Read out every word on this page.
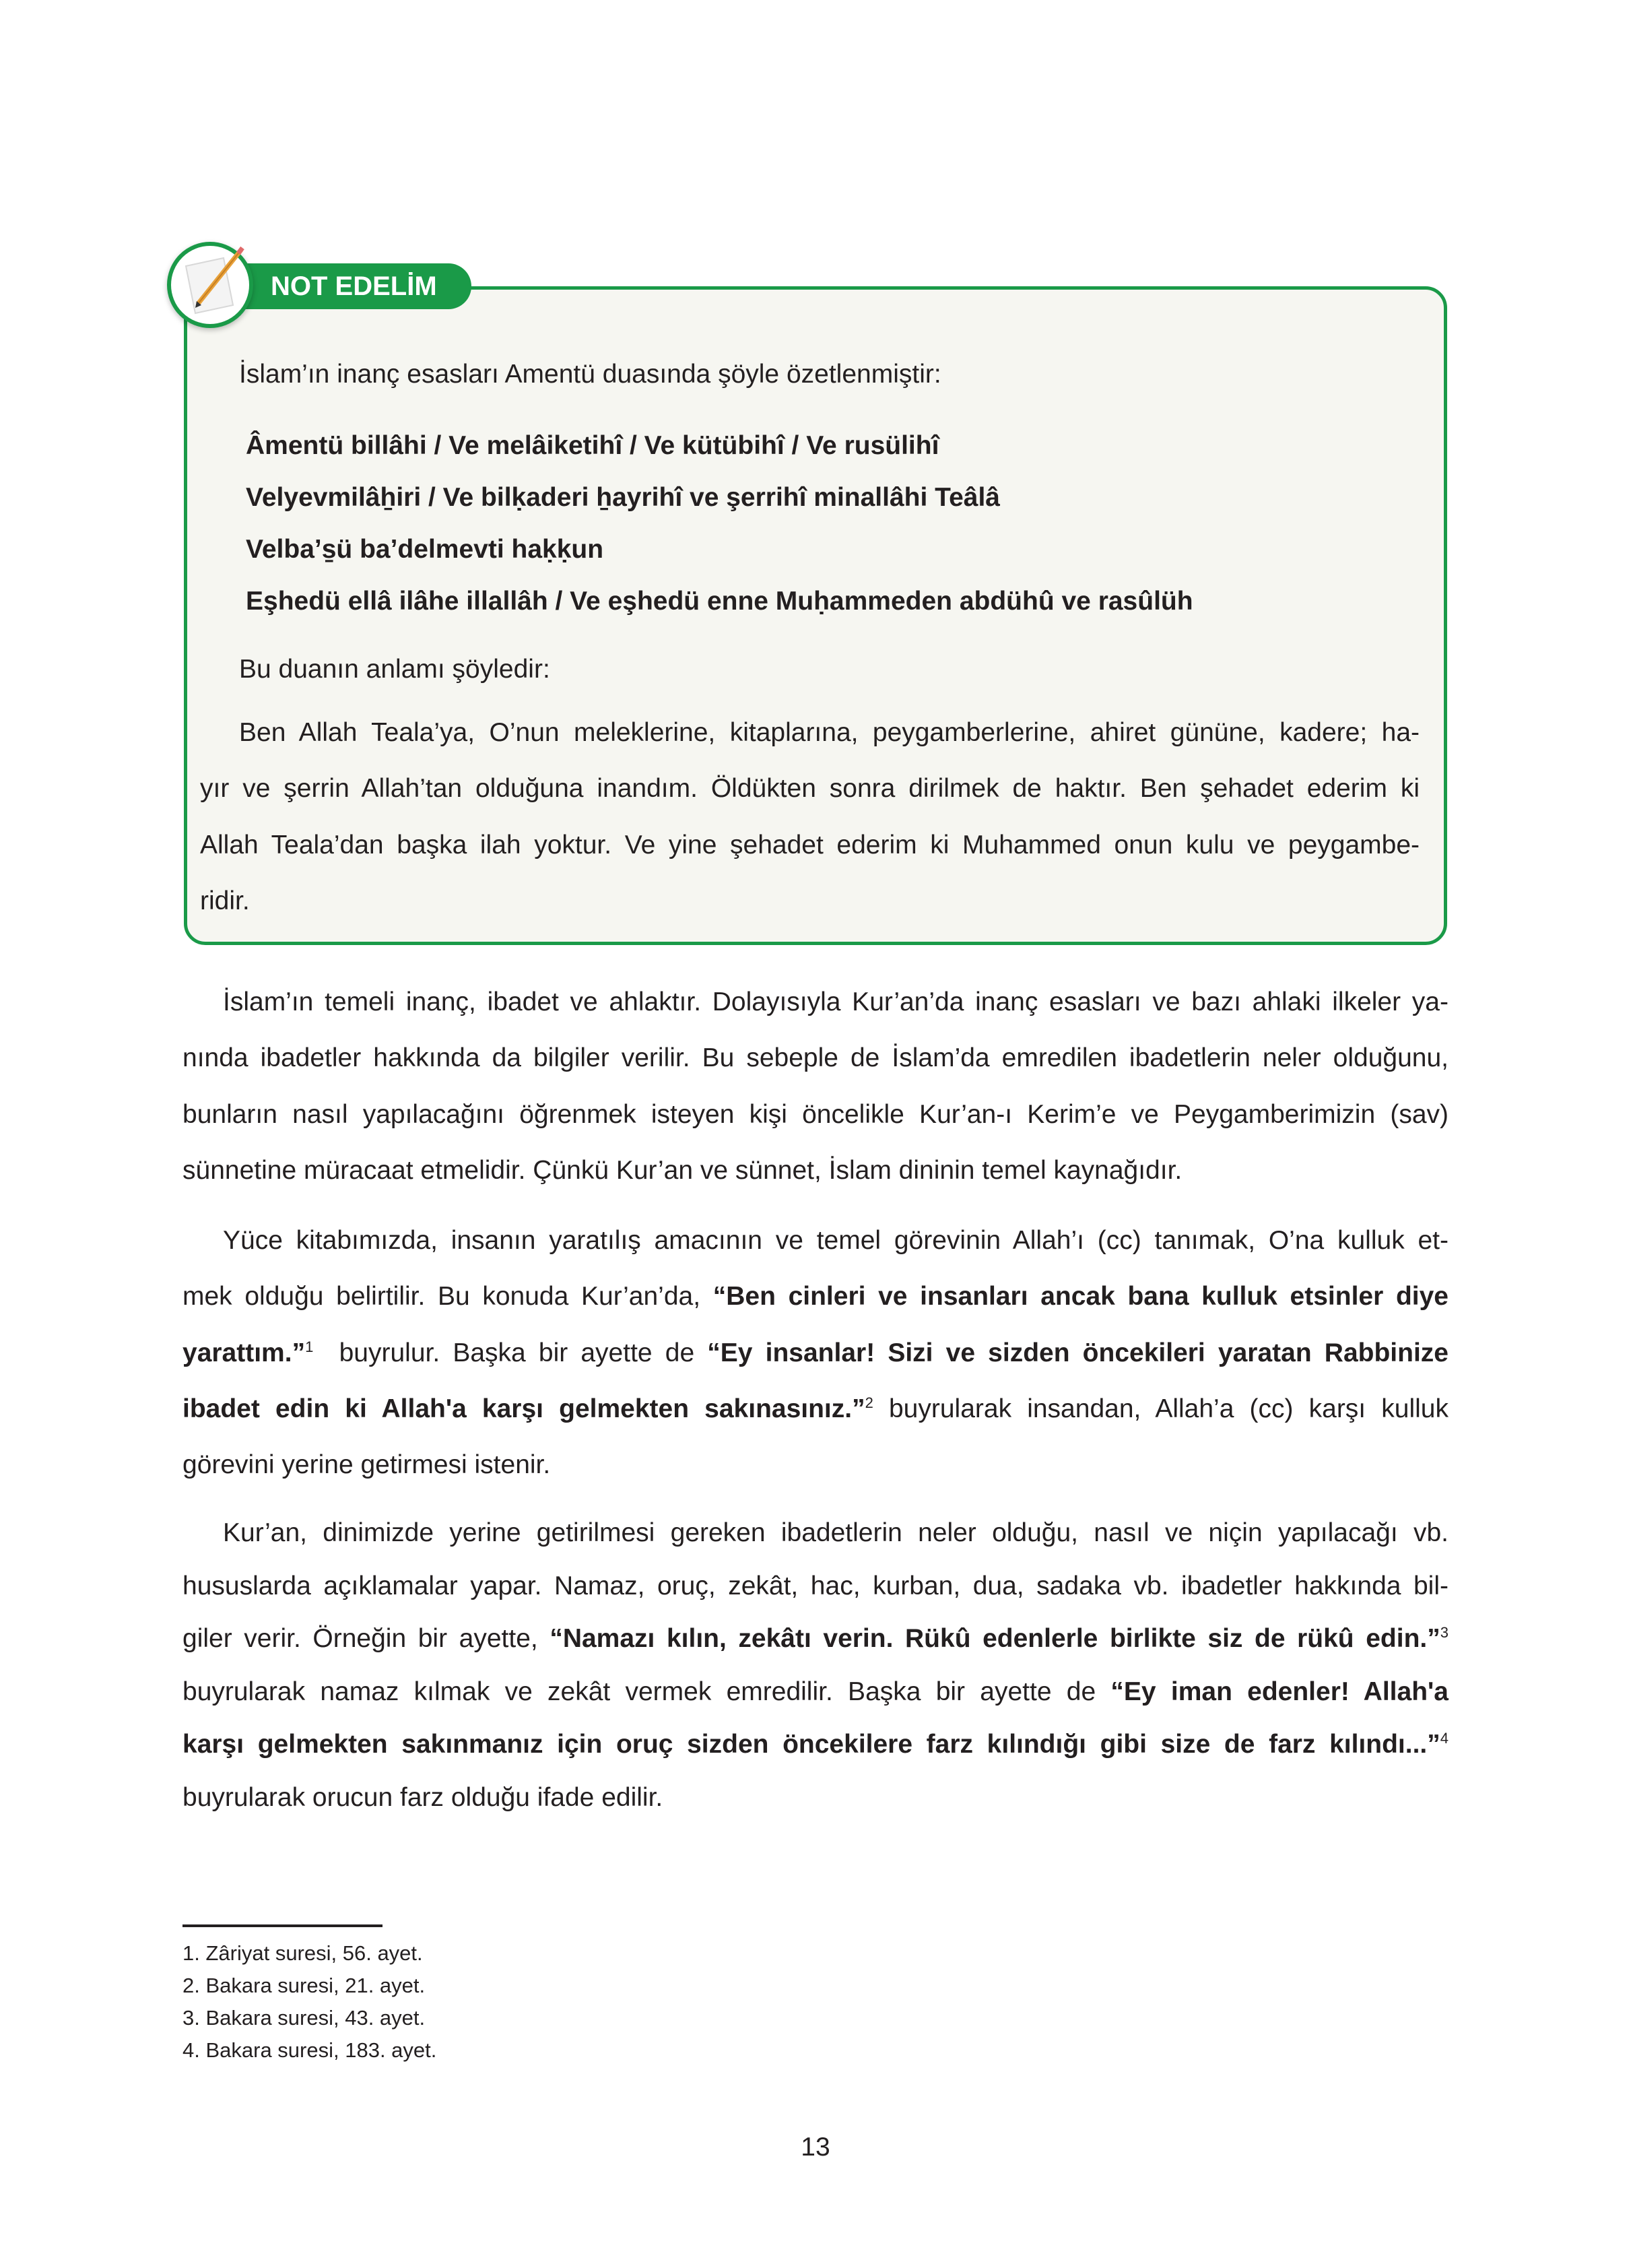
NOT EDELİM
İslam’ın inanç esasları Amentü duasında şöyle özetlenmiştir:
Âmentü billâhi / Ve melâiketihî / Ve kütübihî / Ve rusülihî
Velyevmilâẖiri / Ve bilḳaderi ẖayrihî ve şerrihî minallâhi Teâlâ
Velbaʼs̱ü baʼdelmevti haḳḳun
Eşhedü ellâ ilâhe illallâh / Ve eşhedü enne Muḥammeden abdühû ve rasûlüh
Bu duanın anlamı şöyledir:
Ben Allah Teala’ya, O’nun meleklerine, kitaplarına, peygamberlerine, ahiret gününe, kadere; ha-
yır ve şerrin Allah’tan olduğuna inandım. Öldükten sonra dirilmek de haktır. Ben şehadet ederim ki
Allah Teala’dan başka ilah yoktur. Ve yine şehadet ederim ki Muhammed onun kulu ve peygambe-
ridir.
İslam’ın temeli inanç, ibadet ve ahlaktır. Dolayısıyla Kur’an’da inanç esasları ve bazı ahlaki ilkeler ya-
nında ibadetler hakkında da bilgiler verilir. Bu sebeple de İslam’da emredilen ibadetlerin neler olduğunu,
bunların nasıl yapılacağını öğrenmek isteyen kişi öncelikle Kur’an-ı Kerim’e ve Peygamberimizin (sav)
sünnetine müracaat etmelidir. Çünkü Kur’an ve sünnet, İslam dininin temel kaynağıdır.
Yüce kitabımızda, insanın yaratılış amacının ve temel görevinin Allah’ı (cc) tanımak, O’na kulluk et-
mek olduğu belirtilir. Bu konuda Kur’an’da, “Ben cinleri ve insanları ancak bana kulluk etsinler diye
yarattım.”$^1$  buyrulur. Başka bir ayette de “Ey insanlar! Sizi ve sizden öncekileri yaratan Rabbinize
ibadet edin ki Allah'a karşı gelmekten sakınasınız.”$^2$ buyrularak insandan, Allah’a (cc) karşı kulluk
görevini yerine getirmesi istenir.
Kur’an, dinimizde yerine getirilmesi gereken ibadetlerin neler olduğu, nasıl ve niçin yapılacağı vb.
hususlarda açıklamalar yapar. Namaz, oruç, zekât, hac, kurban, dua, sadaka vb. ibadetler hakkında bil-
giler verir. Örneğin bir ayette, “Namazı kılın, zekâtı verin. Rükû edenlerle birlikte siz de rükû edin.”$^3$
buyrularak namaz kılmak ve zekât vermek emredilir. Başka bir ayette de “Ey iman edenler! Allah'a
karşı gelmekten sakınmanız için oruç sizden öncekilere farz kılındığı gibi size de farz kılındı...”$^4$
buyrularak orucun farz olduğu ifade edilir.
1. Zâriyat suresi, 56. ayet.
2. Bakara suresi, 21. ayet.
3. Bakara suresi, 43. ayet.
4. Bakara suresi, 183. ayet.
13
